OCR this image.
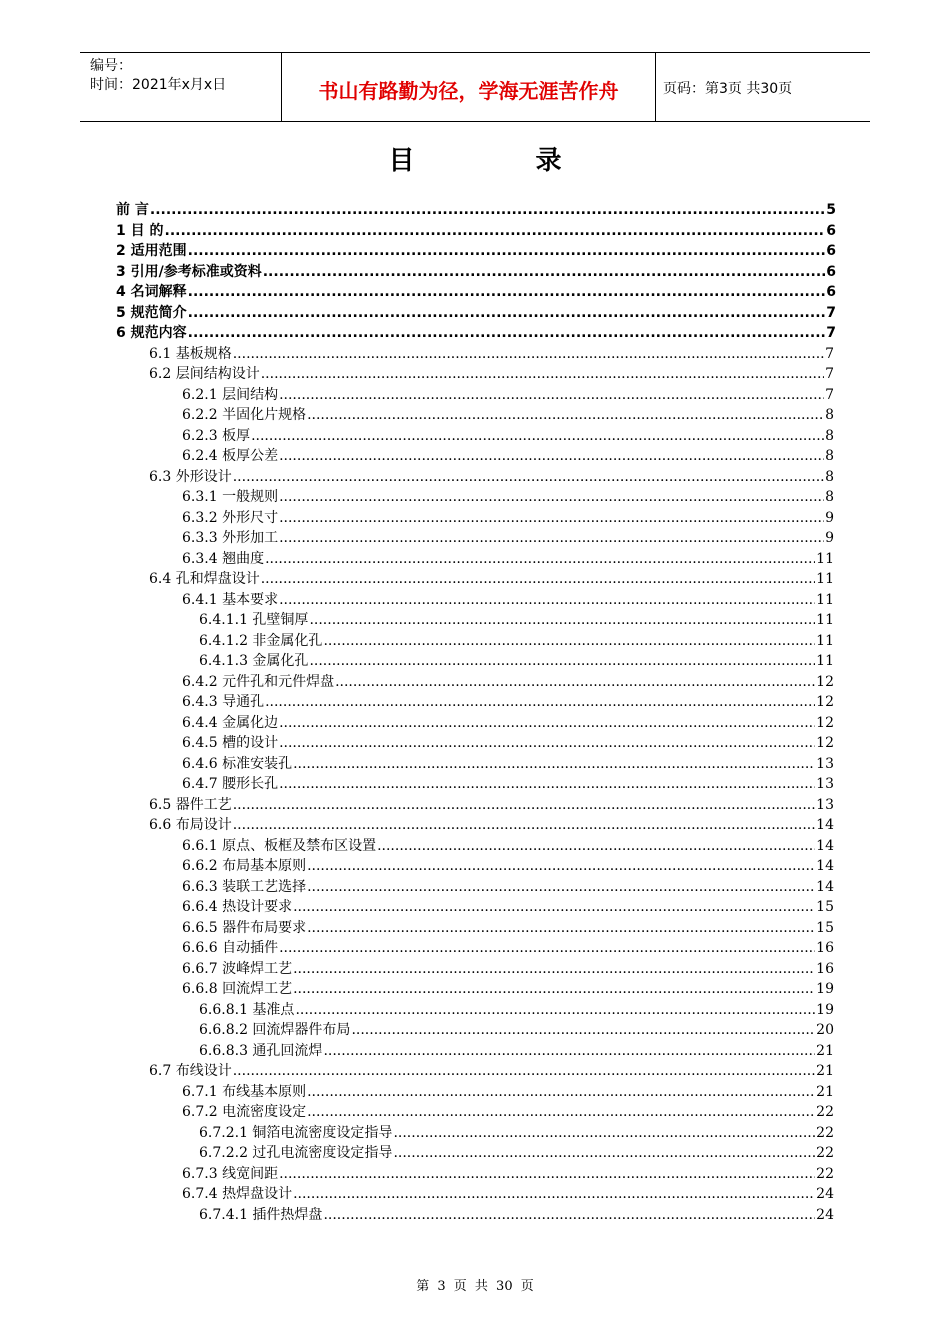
编号：
时间：2021年x月x日	书山有路勤为径，学海无涯苦作舟	页码：第3页 共30页
目 录
前 言 .....	5
1 目 的 .....	6
2 适用范围 .....	6
3 引用/参考标准或资料 .....	6
4 名词解释 .....	6
5 规范简介 .....	7
6 规范内容 .....	7
6.1 基板规格 .....	7
6.2 层间结构设计 .....	7
6.2.1 层间结构 .....	7
6.2.2 半固化片规格 .....	8
6.2.3 板厚 .....	8
6.2.4 板厚公差 .....	8
6.3 外形设计 .....	8
6.3.1 一般规则 .....	8
6.3.2 外形尺寸 .....	9
6.3.3 外形加工 .....	9
6.3.4 翘曲度 .....	11
6.4 孔和焊盘设计 .....	11
6.4.1 基本要求 .....	11
6.4.1.1 孔壁铜厚 .....	11
6.4.1.2 非金属化孔 .....	11
6.4.1.3 金属化孔 .....	11
6.4.2 元件孔和元件焊盘 .....	12
6.4.3 导通孔 .....	12
6.4.4 金属化边 .....	12
6.4.5 槽的设计 .....	12
6.4.6 标准安装孔 .....	13
6.4.7 腰形长孔 .....	13
6.5 器件工艺 .....	13
6.6 布局设计 .....	14
6.6.1 原点、板框及禁布区设置 .....	14
6.6.2 布局基本原则 .....	14
6.6.3 装联工艺选择 .....	14
6.6.4 热设计要求 .....	15
6.6.5 器件布局要求 .....	15
6.6.6 自动插件 .....	16
6.6.7 波峰焊工艺 .....	16
6.6.8 回流焊工艺 .....	19
6.6.8.1 基准点 .....	19
6.6.8.2 回流焊器件布局 .....	20
6.6.8.3 通孔回流焊 .....	21
6.7 布线设计 .....	21
6.7.1 布线基本原则 .....	21
6.7.2 电流密度设定 .....	22
6.7.2.1 铜箔电流密度设定指导 .....	22
6.7.2.2 过孔电流密度设定指导 .....	22
6.7.3 线宽间距 .....	22
6.7.4 热焊盘设计 .....	24
6.7.4.1 插件热焊盘 .....	24
第 3 页 共 30 页
